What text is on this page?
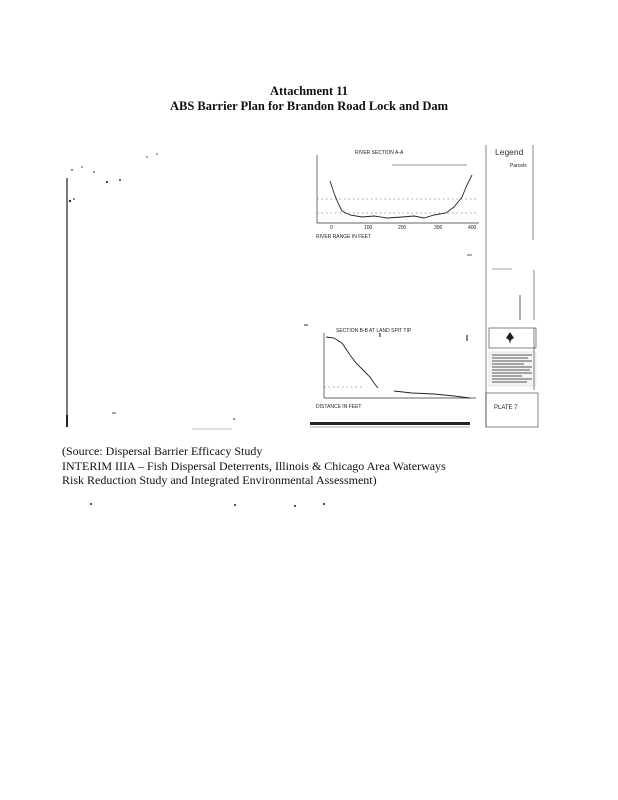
Attachment 11
ABS Barrier Plan for Brandon Road Lock and Dam
RIVER SECTION A-A
0	100	200	300	400
RIVER RANGE IN FEET
Legend
Parcels
PLATE 7
SECTION B-B AT LAND SPIT TIP
DISTANCE IN FEET
(Source: Dispersal Barrier Efficacy Study
INTERIM IIIA – Fish Dispersal Deterrents, Illinois & Chicago Area Waterways
Risk Reduction Study and Integrated Environmental Assessment)
